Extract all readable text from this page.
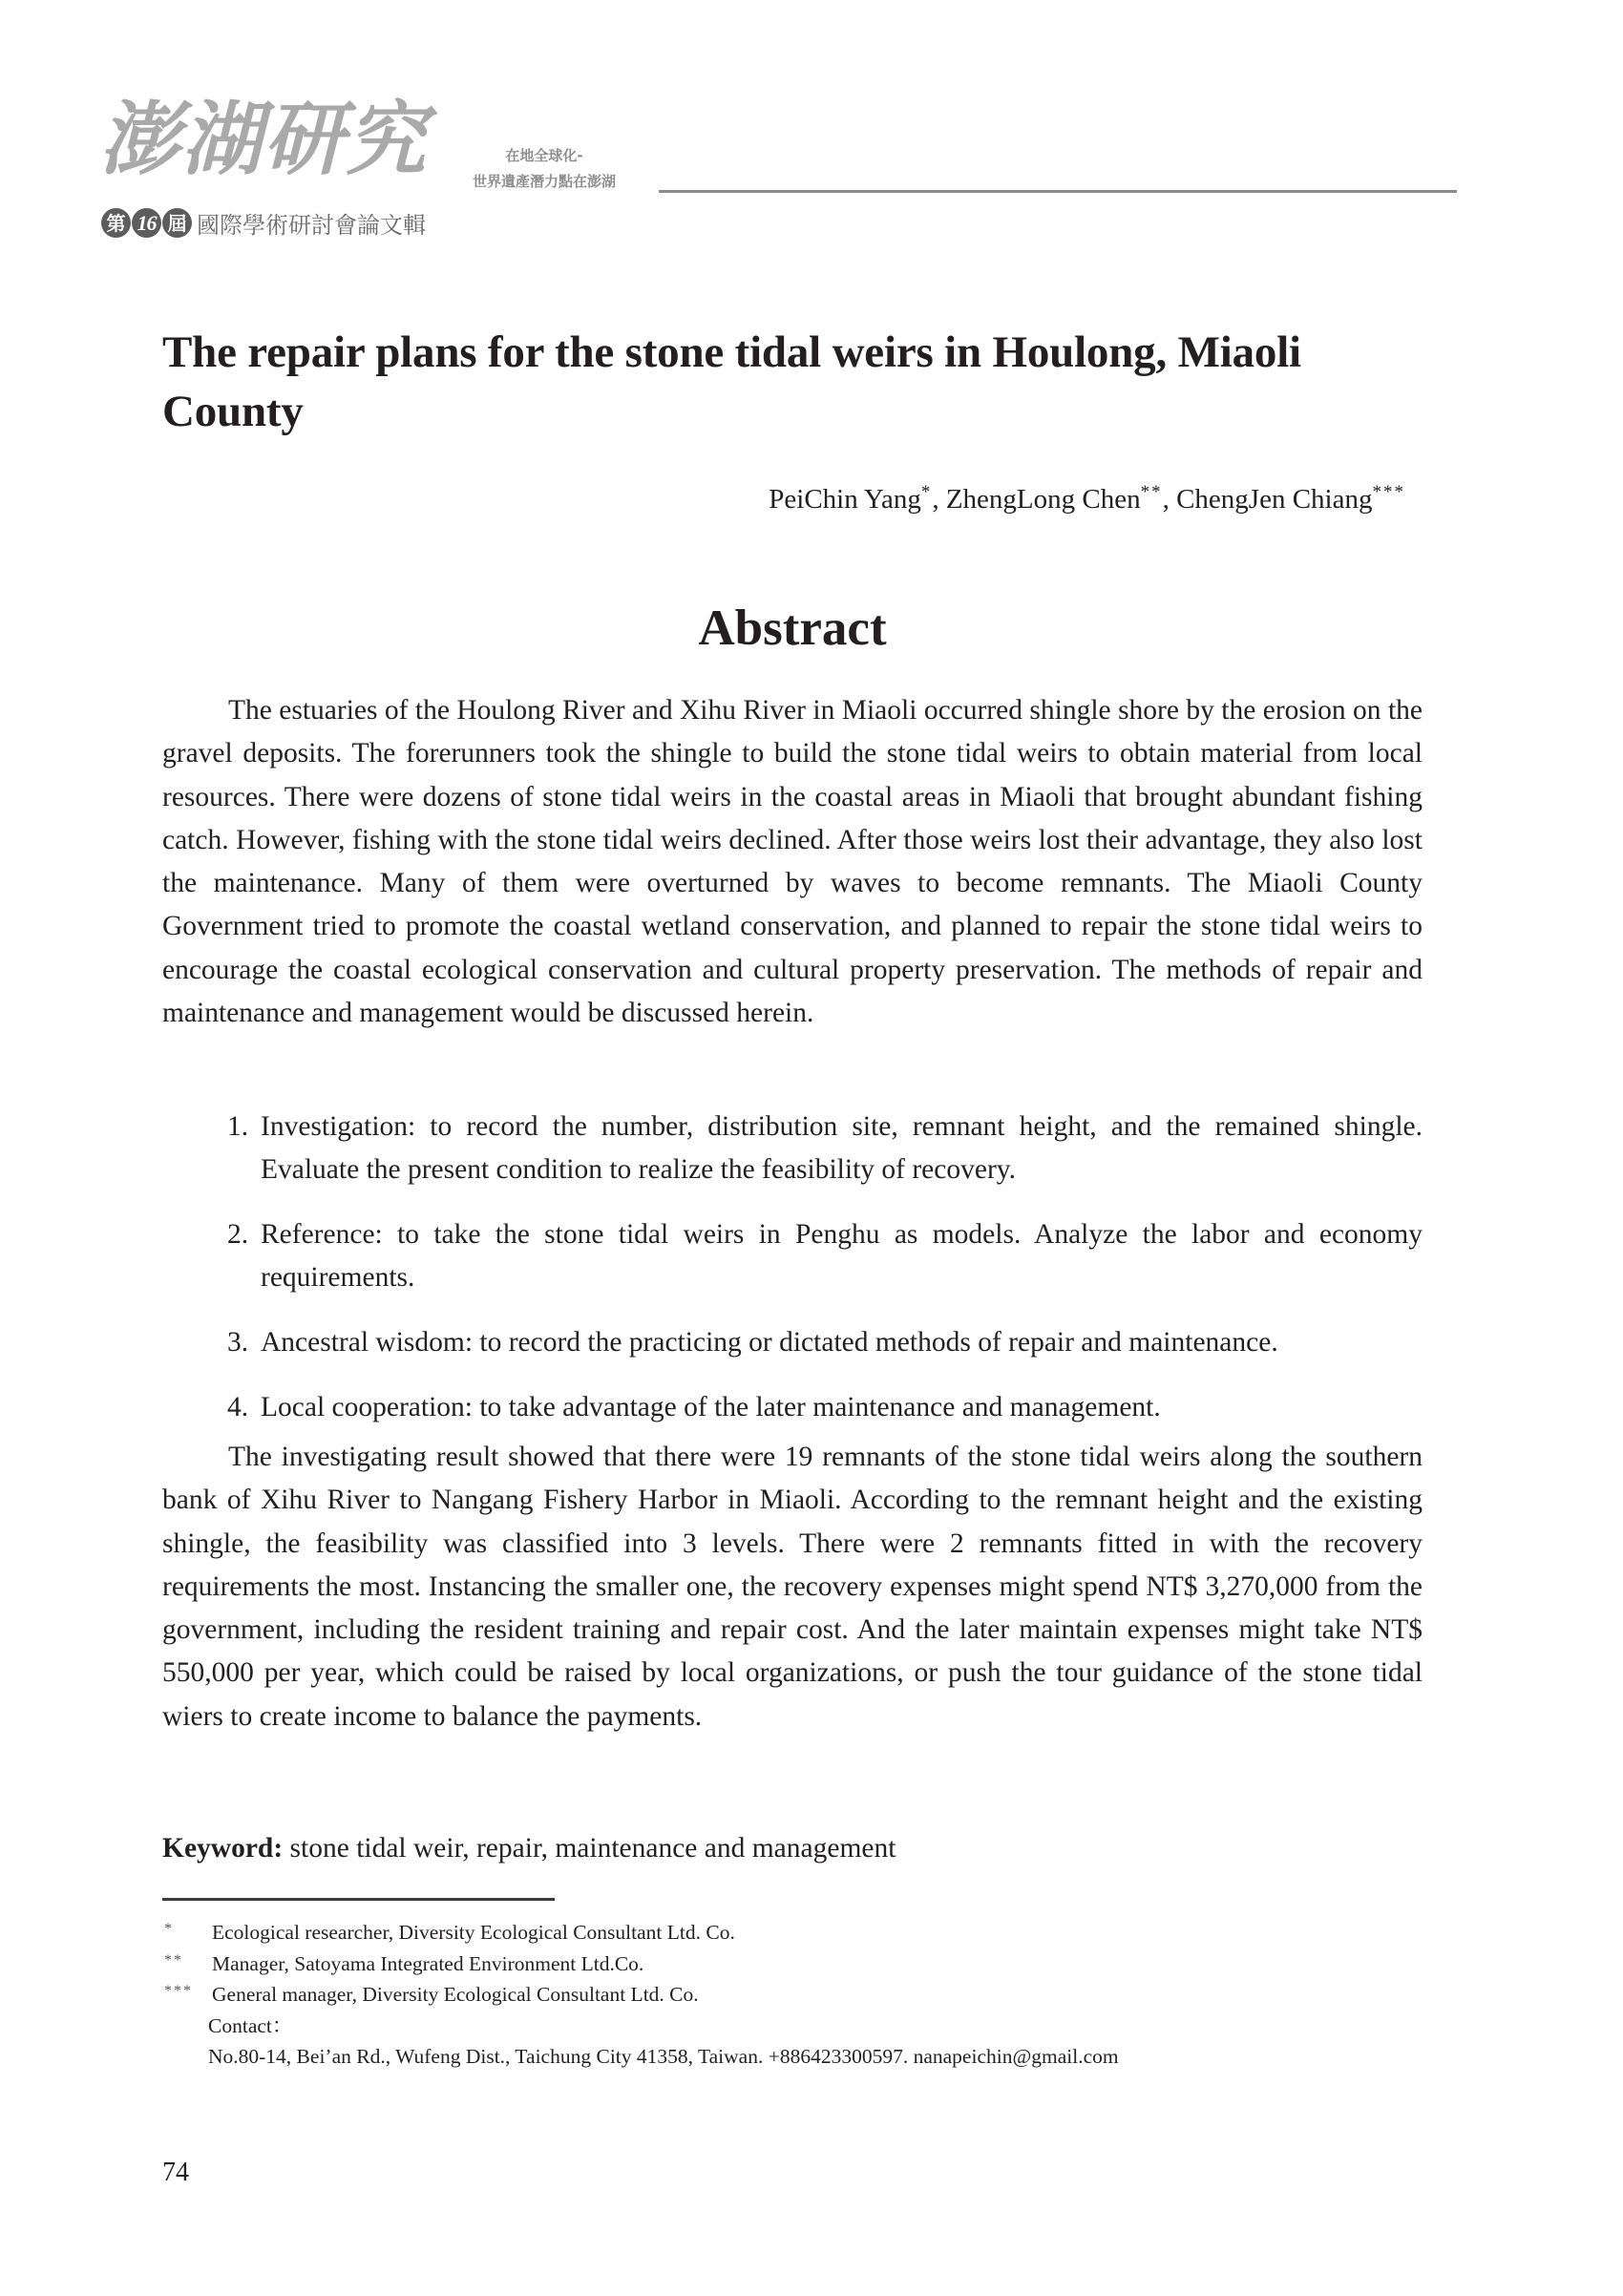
澎湖研究
第 16 屆 國際學術研討會論文輯
在地全球化-
世界遺產潛力點在澎湖
The repair plans for the stone tidal weirs in Houlong, Miaoli County
PeiChin Yang*, ZhengLong Chen**, ChengJen Chiang***
Abstract

The estuaries of the Houlong River and Xihu River in Miaoli occurred shingle shore by the erosion on the gravel deposits. The forerunners took the shingle to build the stone tidal weirs to obtain material from local resources. There were dozens of stone tidal weirs in the coastal areas in Miaoli that brought abundant fishing catch. However, fishing with the stone tidal weirs declined. After those weirs lost their advantage, they also lost the maintenance. Many of them were overturned by waves to become remnants. The Miaoli County Government tried to promote the coastal wetland conservation, and planned to repair the stone tidal weirs to encourage the coastal ecological conservation and cultural property preservation. The methods of repair and maintenance and management would be discussed herein.

1. Investigation: to record the number, distribution site, remnant height, and the remained shingle. Evaluate the present condition to realize the feasibility of recovery.
2. Reference: to take the stone tidal weirs in Penghu as models. Analyze the labor and economy requirements.
3. Ancestral wisdom: to record the practicing or dictated methods of repair and maintenance.
4. Local cooperation: to take advantage of the later maintenance and management.

The investigating result showed that there were 19 remnants of the stone tidal weirs along the southern bank of Xihu River to Nangang Fishery Harbor in Miaoli. According to the remnant height and the existing shingle, the feasibility was classified into 3 levels. There were 2 remnants fitted in with the recovery requirements the most. Instancing the smaller one, the recovery expenses might spend NT$ 3,270,000 from the government, including the resident training and repair cost. And the later maintain expenses might take NT$ 550,000 per year, which could be raised by local organizations, or push the tour guidance of the stone tidal wiers to create income to balance the payments.

Keyword: stone tidal weir, repair, maintenance and management
* Ecological researcher, Diversity Ecological Consultant Ltd. Co.
** Manager, Satoyama Integrated Environment Ltd.Co.
*** General manager, Diversity Ecological Consultant Ltd. Co.
Contact：
No.80-14, Bei’an Rd., Wufeng Dist., Taichung City 41358, Taiwan. +886423300597. nanapeichin@gmail.com
74
